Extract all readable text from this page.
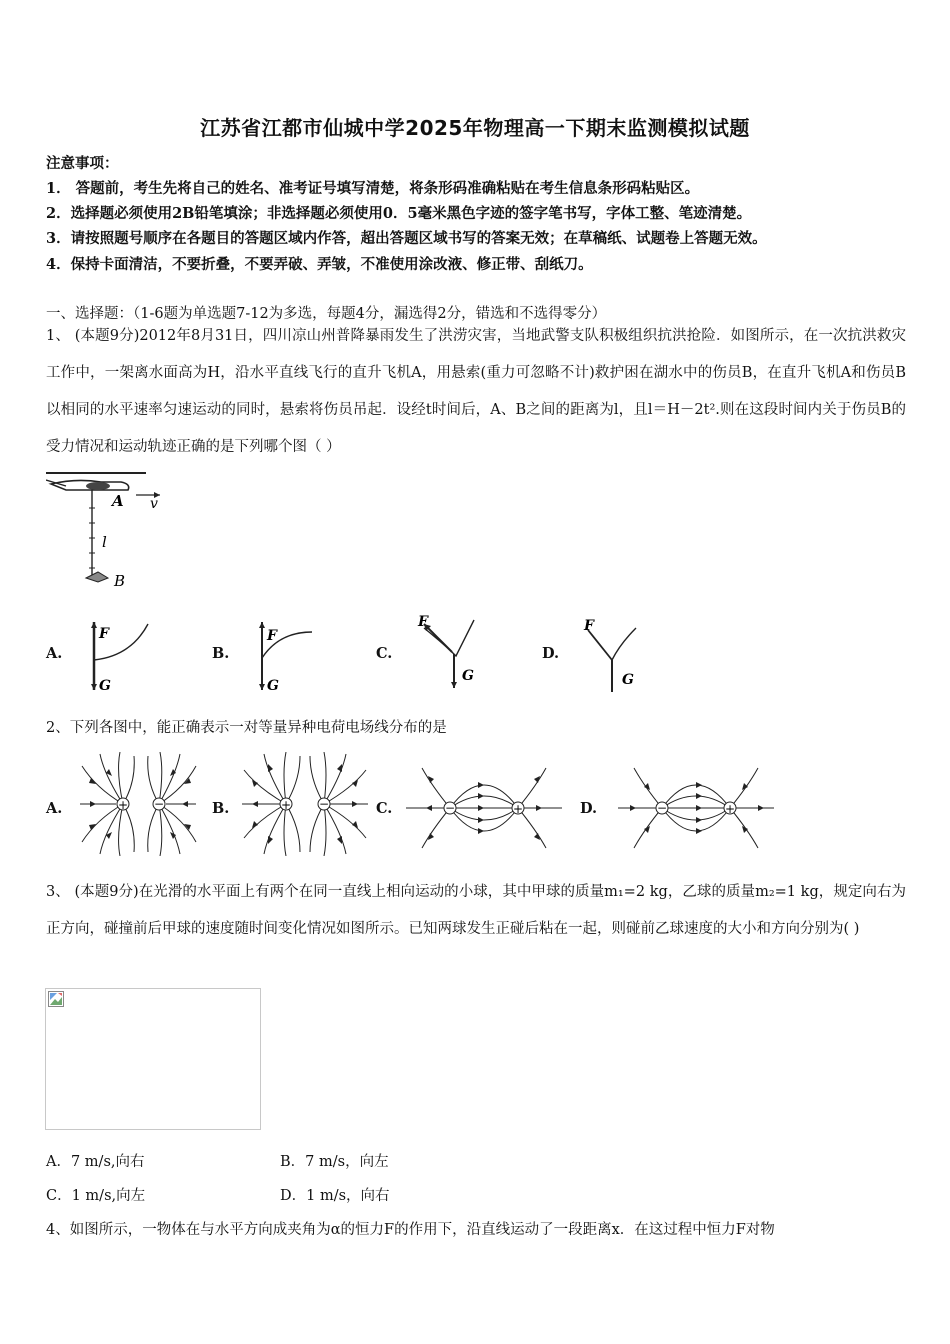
江苏省江都市仙城中学2025年物理高一下期末监测模拟试题
注意事项：
1． 答题前，考生先将自己的姓名、准考证号填写清楚，将条形码准确粘贴在考生信息条形码粘贴区。
2．选择题必须使用2B铅笔填涂；非选择题必须使用0．5毫米黑色字迹的签字笔书写，字体工整、笔迹清楚。
3．请按照题号顺序在各题目的答题区域内作答，超出答题区域书写的答案无效；在草稿纸、试题卷上答题无效。
4．保持卡面清洁，不要折叠，不要弄破、弄皱，不准使用涂改液、修正带、刮纸刀。
一、选择题：（1-6题为单选题7-12为多选，每题4分，漏选得2分，错选和不选得零分）
1、 (本题9分)2012年8月31日，四川凉山州普降暴雨发生了洪涝灾害，当地武警支队积极组织抗洪抢险．如图所示，在一次抗洪救灾工作中，一架离水面高为H，沿水平直线飞行的直升飞机A，用悬索(重力可忽略不计)救护困在湖水中的伤员B，在直升飞机A和伤员B以相同的水平速率匀速运动的同时，悬索将伤员吊起．设经t时间后，A、B之间的距离为l，且l＝H－2t².则在这段时间内关于伤员B的受力情况和运动轨迹正确的是下列哪个图（ ）
A v
l
B
A.
F
G
B.
F
G
C.
F
G
D.
F
G
2、下列各图中，能正确表示一对等量异种电荷电场线分布的是
A.	+ −	B.	+ −	C.	−	+	D.	−	+
3、 (本题9分)在光滑的水平面上有两个在同一直线上相向运动的小球，其中甲球的质量m₁=2 kg，乙球的质量m₂=1 kg，规定向右为正方向，碰撞前后甲球的速度随时间变化情况如图所示。已知两球发生正碰后粘在一起，则碰前乙球速度的大小和方向分别为( )
A．7 m/s,向右	B．7 m/s，向左
C．1 m/s,向左	D．1 m/s，向右
4、如图所示，一物体在与水平方向成夹角为α的恒力F的作用下，沿直线运动了一段距离x．在这过程中恒力F对物
